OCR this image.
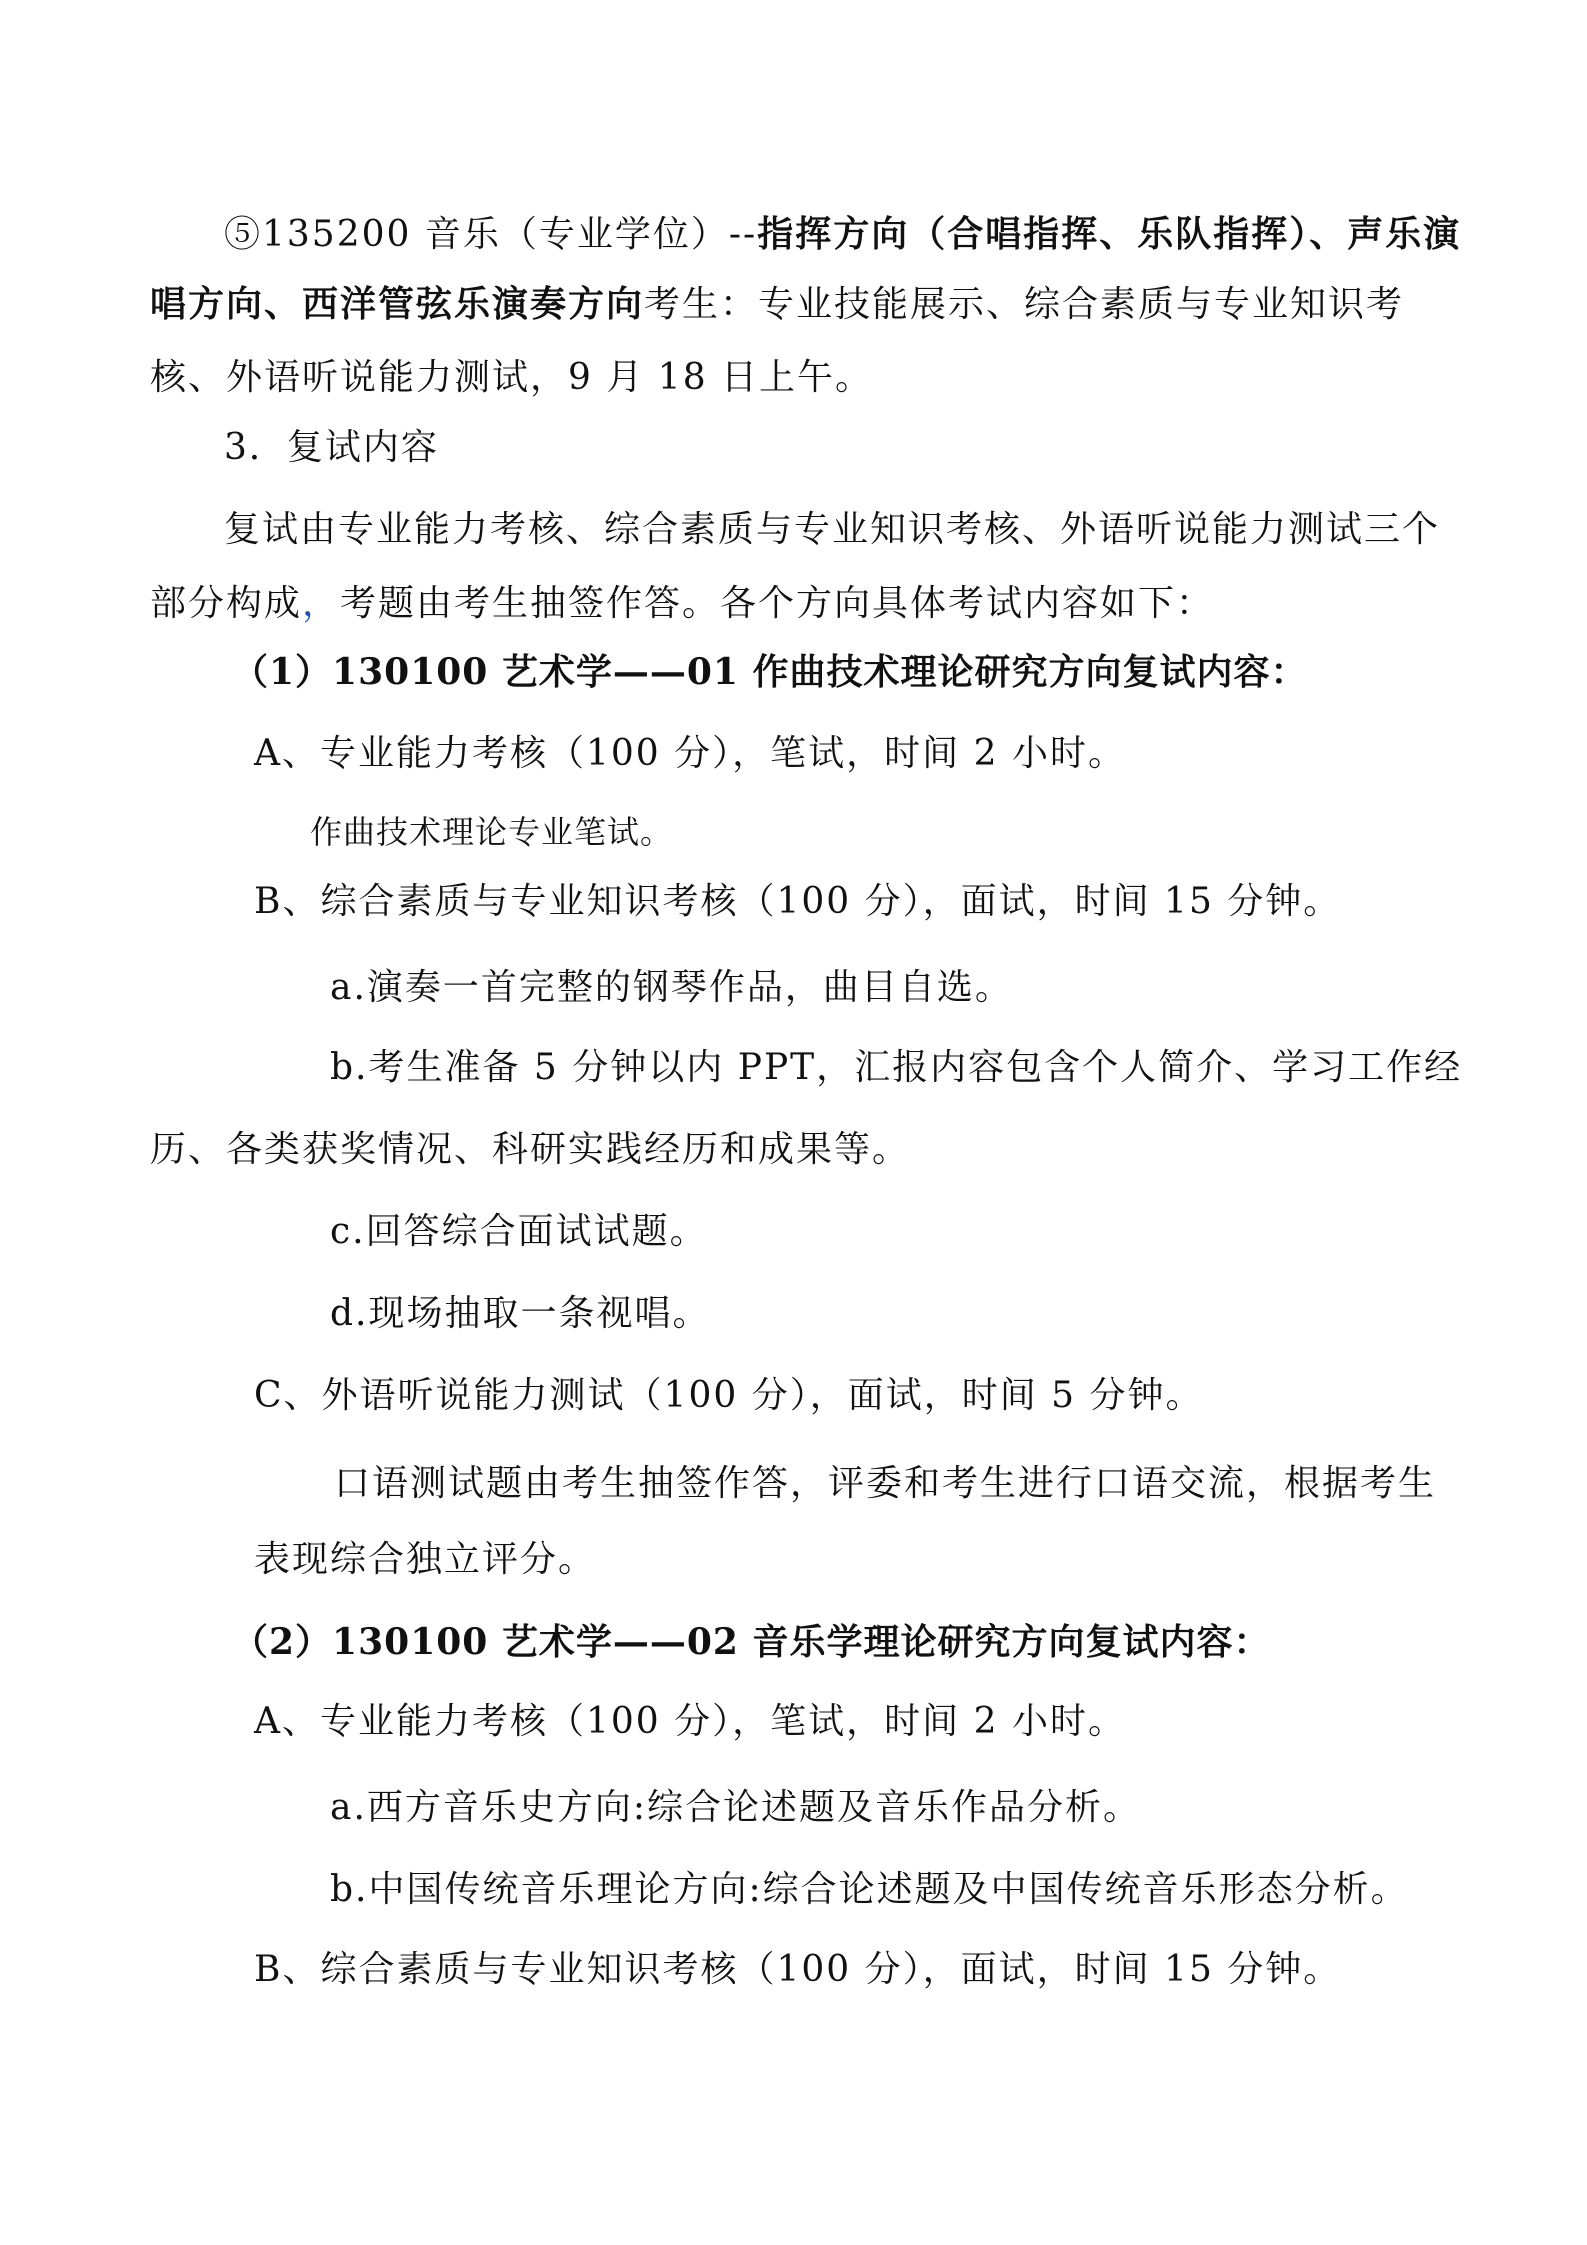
⑤135200 音乐（专业学位）--指挥方向（合唱指挥、乐队指挥）、声乐演
唱方向、西洋管弦乐演奏方向考生：专业技能展示、综合素质与专业知识考
核、外语听说能力测试，9 月 18 日上午。
3．复试内容
复试由专业能力考核、综合素质与专业知识考核、外语听说能力测试三个
部分构成，考题由考生抽签作答。各个方向具体考试内容如下：
（1）130100 艺术学——01 作曲技术理论研究方向复试内容：
A、专业能力考核（100 分），笔试，时间 2 小时。
作曲技术理论专业笔试。
B、综合素质与专业知识考核（100 分），面试，时间 15 分钟。
a.演奏一首完整的钢琴作品，曲目自选。
b.考生准备 5 分钟以内 PPT，汇报内容包含个人简介、学习工作经
历、各类获奖情况、科研实践经历和成果等。
c.回答综合面试试题。
d.现场抽取一条视唱。
C、外语听说能力测试（100 分），面试，时间 5 分钟。
口语测试题由考生抽签作答，评委和考生进行口语交流，根据考生
表现综合独立评分。
（2）130100 艺术学——02 音乐学理论研究方向复试内容：
A、专业能力考核（100 分），笔试，时间 2 小时。
a.西方音乐史方向:综合论述题及音乐作品分析。
b.中国传统音乐理论方向:综合论述题及中国传统音乐形态分析。
B、综合素质与专业知识考核（100 分），面试，时间 15 分钟。
